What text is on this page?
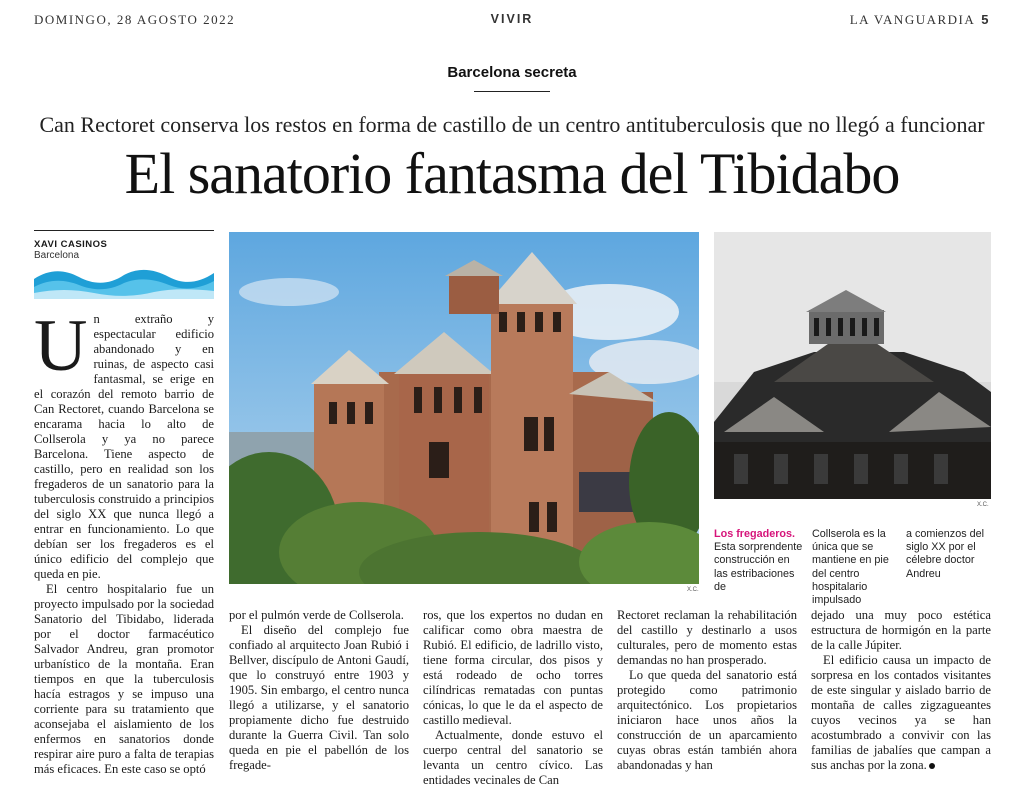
DOMINGO, 28 AGOSTO 2022	VIVIR	LA VANGUARDIA 5
Barcelona secreta
Can Rectoret conserva los restos en forma de castillo de un centro antituberculosis que no llegó a funcionar
El sanatorio fantasma del Tibidabo
XAVI CASINOS
Barcelona

Un extraño y espectacular edificio abandonado y en ruinas, de aspecto casi fantasmal, se erige en el corazón del remoto barrio de Can Rectoret, cuando Barcelona se encarama hacia lo alto de Collserola y ya no parece Barcelona. Tiene aspecto de castillo, pero en realidad son los fregaderos de un sanatorio para la tuberculosis construido a principios del siglo XX que nunca llegó a entrar en funcionamiento. Lo que debían ser los fregaderos es el único edificio del complejo que queda en pie.

El centro hospitalario fue un proyecto impulsado por la sociedad Sanatorio del Tibidabo, liderada por el doctor farmacéutico Salvador Andreu, gran promotor urbanístico de la montaña. Eran tiempos en que la tuberculosis hacía estragos y se impuso una corriente para su tratamiento que aconsejaba el aislamiento de los enfermos en sanatorios donde respirar aire puro a falta de terapias más eficaces. En este caso se optó

X.C.
X.C.
Los fregaderos. Esta sorprendente construcción en las estribaciones de
Collserola es la única que se mantiene en pie del centro hospitalario impulsado
a comienzos del siglo XX por el célebre doctor Andreu

por el pulmón verde de Collserola.

El diseño del complejo fue confiado al arquitecto Joan Rubió i Bellver, discípulo de Antoni Gaudí, que lo construyó entre 1903 y 1905. Sin embargo, el centro nunca llegó a utilizarse, y el sanatorio propiamente dicho fue destruido durante la Guerra Civil. Tan solo queda en pie el pabellón de los fregade-

ros, que los expertos no dudan en calificar como obra maestra de Rubió. El edificio, de ladrillo visto, tiene forma circular, dos pisos y está rodeado de ocho torres cilíndricas rematadas con puntas cónicas, lo que le da el aspecto de castillo medieval.

Actualmente, donde estuvo el cuerpo central del sanatorio se levanta un centro cívico. Las entidades vecinales de Can

Rectoret reclaman la rehabilitación del castillo y destinarlo a usos culturales, pero de momento estas demandas no han prosperado.

Lo que queda del sanatorio está protegido como patrimonio arquitectónico. Los propietarios iniciaron hace unos años la construcción de un aparcamiento cuyas obras están también ahora abandonadas y han

dejado una muy poco estética estructura de hormigón en la parte de la calle Júpiter.

El edificio causa un impacto de sorpresa en los contados visitantes de este singular y aislado barrio de montaña de calles zigzagueantes cuyos vecinos ya se han acostumbrado a convivir con las familias de jabalíes que campan a sus anchas por la zona.
